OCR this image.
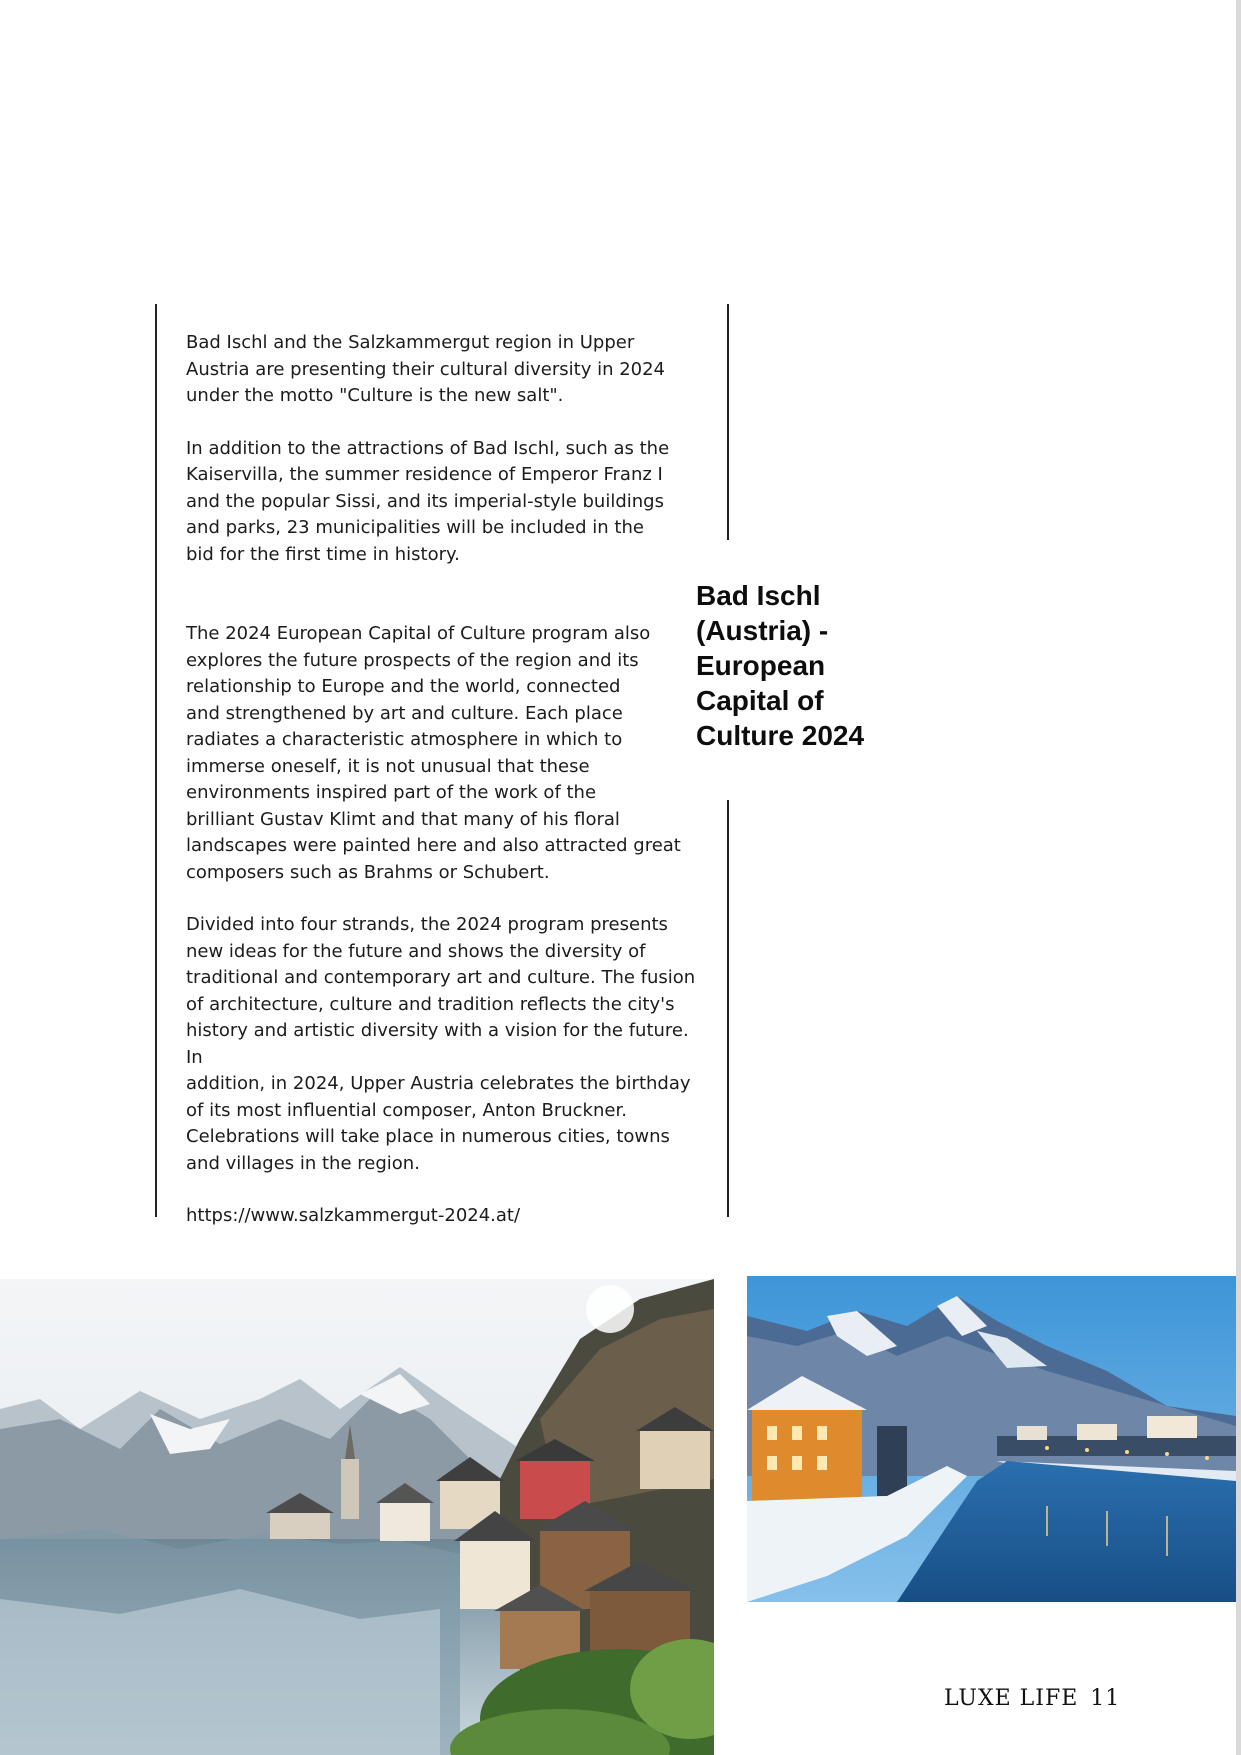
Bad Ischl and the Salzkammergut region in Upper
Austria are presenting their cultural diversity in 2024
under the motto "Culture is the new salt".

In addition to the attractions of Bad Ischl, such as the
Kaiservilla, the summer residence of Emperor Franz I
and the popular Sissi, and its imperial-style buildings
and parks, 23 municipalities will be included in the
bid for the first time in history.

The 2024 European Capital of Culture program also
explores the future prospects of the region and its
relationship to Europe and the world, connected
and strengthened by art and culture. Each place
radiates a characteristic atmosphere in which to
immerse oneself, it is not unusual that these
environments inspired part of the work of the
brilliant Gustav Klimt and that many of his floral
landscapes were painted here and also attracted great
composers such as Brahms or Schubert.

Divided into four strands, the 2024 program presents
new ideas for the future and shows the diversity of
traditional and contemporary art and culture. The fusion
of architecture, culture and tradition reflects the city's
history and artistic diversity with a vision for the future. In
addition, in 2024, Upper Austria celebrates the birthday
of its most influential composer, Anton Bruckner.
Celebrations will take place in numerous cities, towns
and villages in the region.

https://www.salzkammergut-2024.at/

Bad Ischl (Austria) - European Capital of Culture 2024
LUXE LIFE 11
